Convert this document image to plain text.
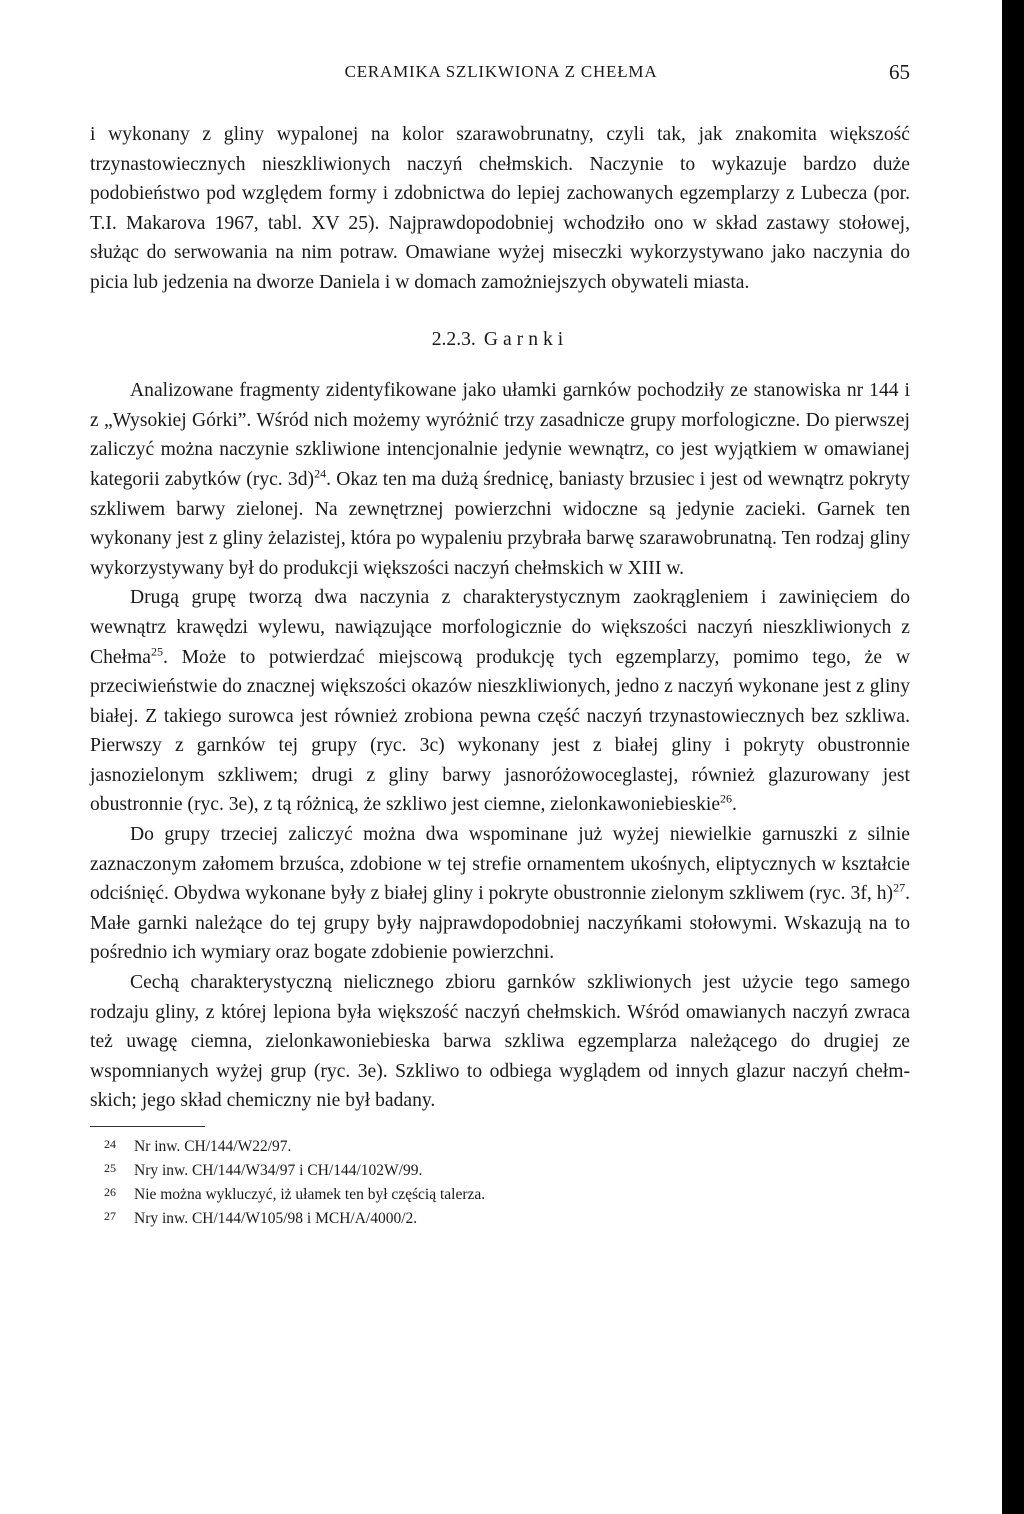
CERAMIKA SZLIKWIONA Z CHEŁMA	65

i wykonany z gliny wypalonej na kolor szarawobrunatny, czyli tak, jak znakomita większość trzynastowiecznych nieszkliwionych naczyń chełmskich. Naczynie to wykazuje bardzo duże podobieństwo pod względem formy i zdobnictwa do lepiej zachowanych egzemplarzy z Lubecza (por. T.I. Makarova 1967, tabl. XV 25). Najprawdopodobniej wchodziło ono w skład zastawy stołowej, służąc do serwowania na nim potraw. Omawiane wyżej miseczki wykorzystywano jako naczynia do picia lub jedzenia na dworze Daniela i w domach zamożniejszych obywateli miasta.

2.2.3. Garnki

Analizowane fragmenty zidentyfikowane jako ułamki garnków pochodziły ze stanowiska nr 144 i z „Wysokiej Górki”. Wśród nich możemy wyróżnić trzy zasadnicze grupy morfologiczne. Do pierwszej zaliczyć można naczynie szkliwione intencjonalnie jedynie wewnątrz, co jest wyjątkiem w omawianej kategorii zabytków (ryc. 3d)$^{24}$. Okaz ten ma dużą średnicę, baniasty brzusiec i jest od wewnątrz pokryty szkliwem barwy zielonej. Na zewnętrznej powierzchni widoczne są jedynie zacieki. Garnek ten wykonany jest z gliny żelazistej, która po wypaleniu przybrała barwę szarawobrunatną. Ten rodzaj gliny wykorzystywany był do produkcji większości naczyń chełmskich w XIII w.

Drugą grupę tworzą dwa naczynia z charakterystycznym zaokrągleniem i zawinięciem do wewnątrz krawędzi wylewu, nawiązujące morfologicznie do większości naczyń nieszkliwionych z Chełma$^{25}$. Może to potwierdzać miejscową produkcję tych egzemplarzy, pomimo tego, że w przeciwieństwie do znacznej większości okazów nieszkliwionych, jedno z naczyń wykonane jest z gliny białej. Z takiego surowca jest również zrobiona pewna część naczyń trzynastowiecznych bez szkliwa. Pierwszy z garnków tej grupy (ryc. 3c) wykonany jest z białej gliny i pokryty obustronnie jasnozielonym szkliwem; drugi z gliny barwy jasnoróżowoceglastej, również glazurowany jest obustronnie (ryc. 3e), z tą różnicą, że szkliwo jest ciemne, zielonkawoniebieskie$^{26}$.

Do grupy trzeciej zaliczyć można dwa wspominane już wyżej niewielkie garnuszki z silnie zaznaczonym załomem brzuśca, zdobione w tej strefie ornamentem ukośnych, eliptycznych w kształcie odciśnięć. Obydwa wykonane były z białej gliny i pokryte obustronnie zielonym szkliwem (ryc. 3f, h)$^{27}$. Małe garnki należące do tej grupy były najprawdopodobniej naczyńkami stołowymi. Wskazują na to pośrednio ich wymiary oraz bogate zdobienie powierzchni.

Cechą charakterystyczną nielicznego zbioru garnków szkliwionych jest użycie tego samego rodzaju gliny, z której lepiona była większość naczyń chełmskich. Wśród omawianych naczyń zwraca też uwagę ciemna, zielonkawoniebieska barwa szkliwa egzemplarza należącego do drugiej ze wspomnianych wyżej grup (ryc. 3e). Szkliwo to odbiega wyglądem od innych glazur naczyń chełmskich; jego skład chemiczny nie był badany.

24 Nr inw. CH/144/W22/97.
25 Nry inw. CH/144/W34/97 i CH/144/102W/99.
26 Nie można wykluczyć, iż ułamek ten był częścią talerza.
27 Nry inw. CH/144/W105/98 i MCH/A/4000/2.
